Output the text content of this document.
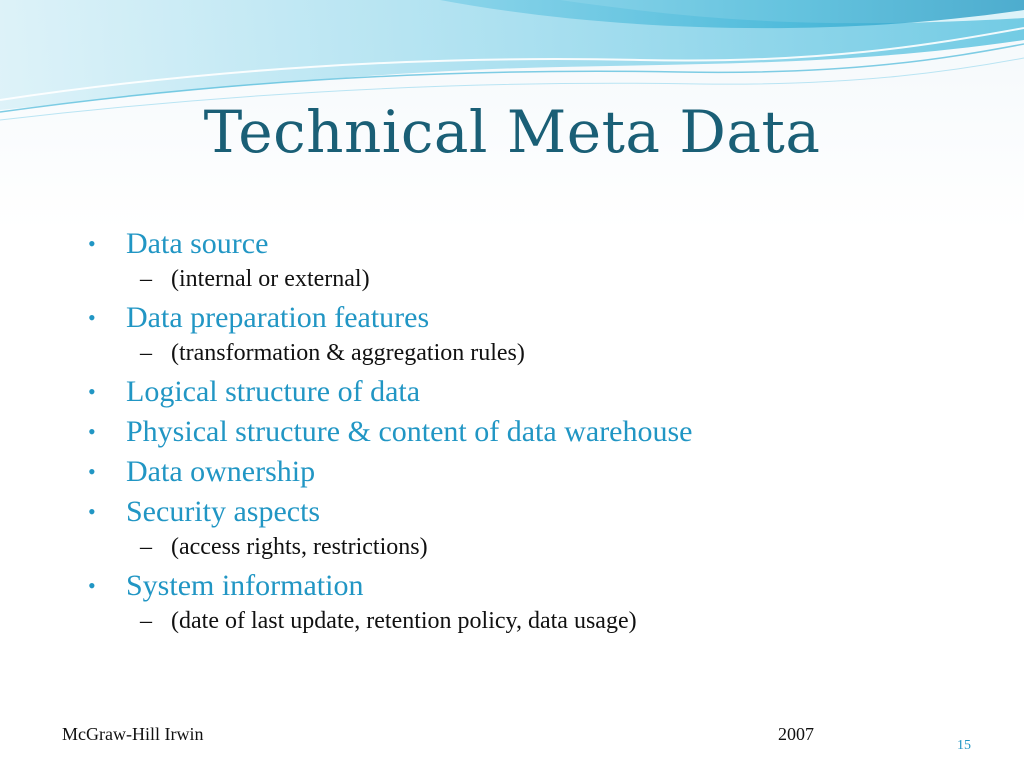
Technical Meta Data
•	Data source
– (internal or external)
•	Data preparation features
– (transformation & aggregation rules)
•	Logical structure of data
•	Physical structure & content of data warehouse
•	Data ownership
•	Security aspects
– (access rights, restrictions)
•	System information
– (date of last update, retention policy, data usage)
McGraw-Hill Irwin	2007
15
